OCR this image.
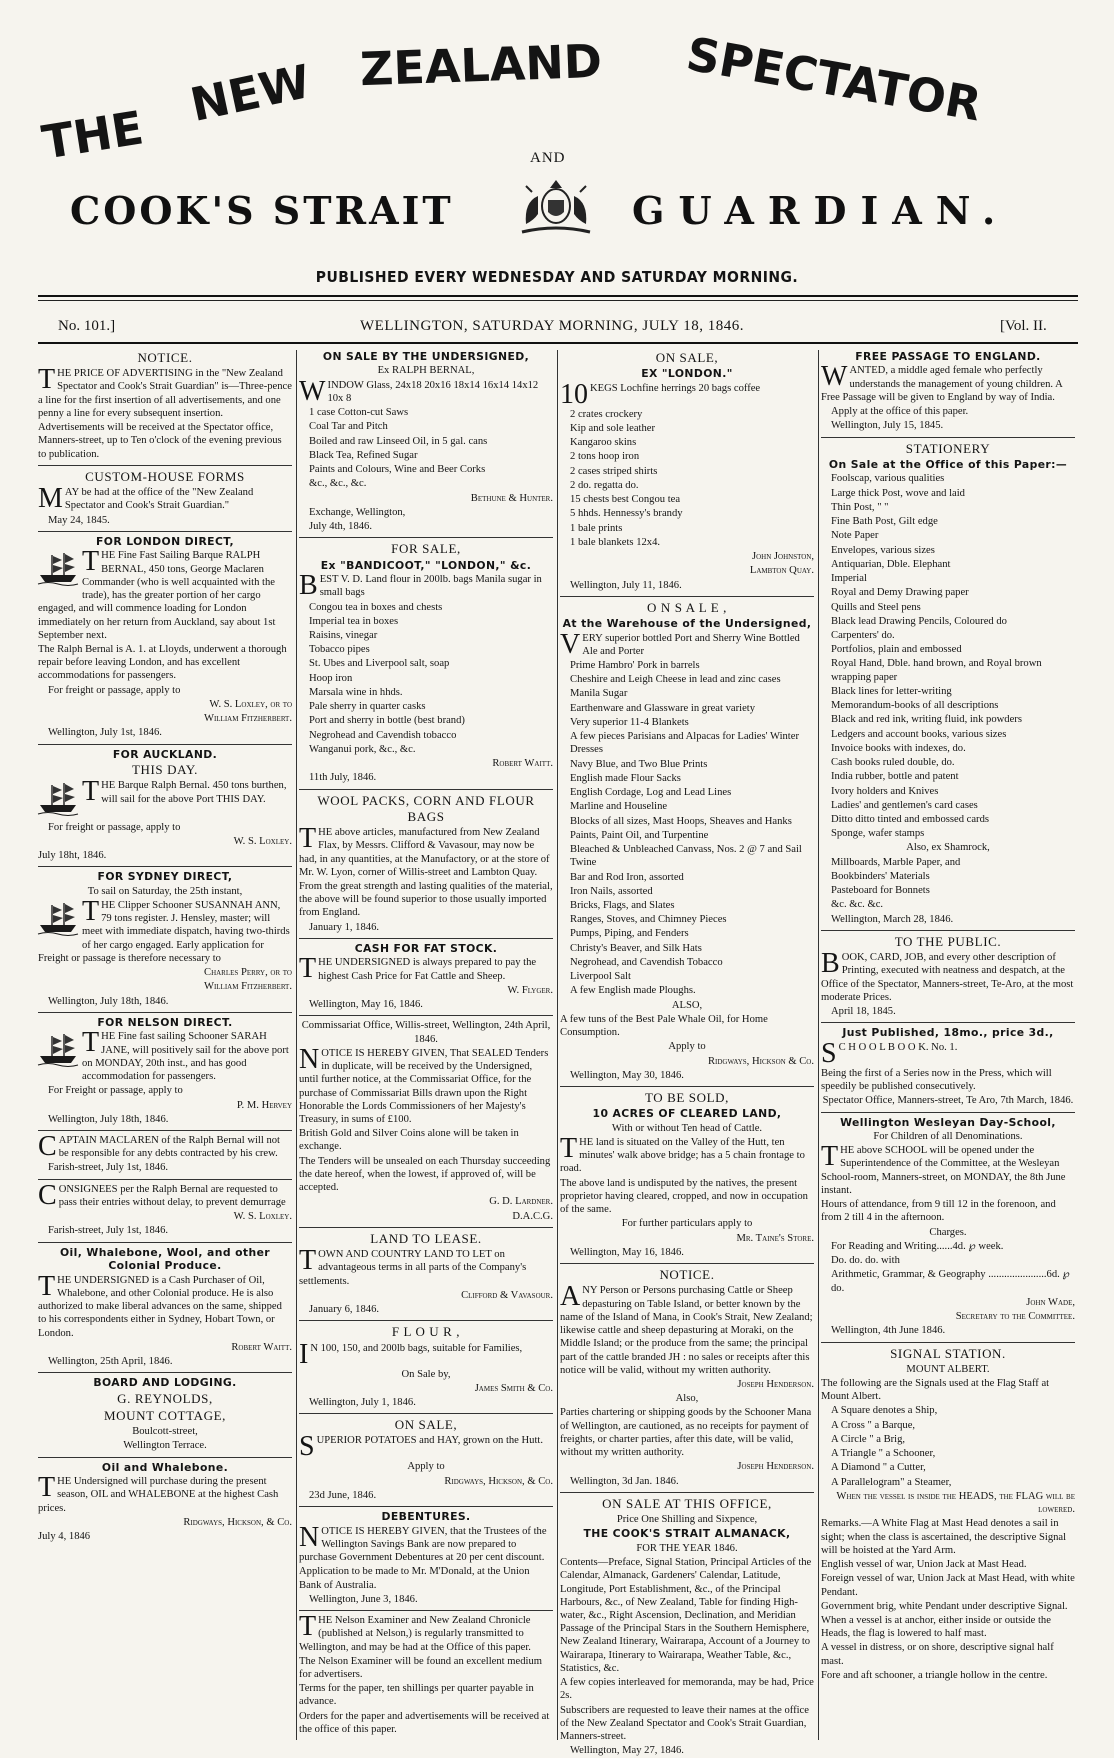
THE
NEW ZEALAND SPECTATOR
AND
COOK'S STRAIT	GUARDIAN.
PUBLISHED EVERY WEDNESDAY AND SATURDAY MORNING.
No. 101.]	WELLINGTON, SATURDAY MORNING, JULY 18, 1846.	[Vol. II.

NOTICE.

THE PRICE OF ADVERTISING in the "New Zealand Spectator and Cook's Strait Guardian" is—Three-pence a line for the first insertion of all advertisements, and one penny a line for every subsequent insertion.

Advertisements will be received at the Spectator office, Manners-street, up to Ten o'clock of the evening previous to publication.

CUSTOM-HOUSE FORMS

MAY be had at the office of the "New Zealand Spectator and Cook's Strait Guardian."

May 24, 1845.

FOR LONDON DIRECT,

THE Fine Fast Sailing Barque RALPH BERNAL, 450 tons, George Maclaren Commander (who is well acquainted with the trade), has the greater portion of her cargo engaged, and will commence loading for London immediately on her return from Auckland, say about 1st September next.

The Ralph Bernal is A. 1. at Lloyds, underwent a thorough repair before leaving London, and has excellent accommodations for passengers.

For freight or passage, apply to

W. S. Loxley, or to

William Fitzherbert.

Wellington, July 1st, 1846.

FOR AUCKLAND.

THIS DAY.

THE Barque Ralph Bernal. 450 tons burthen, will sail for the above Port THIS DAY.

For freight or passage, apply to

W. S. Loxley.

July 18ht, 1846.

FOR SYDNEY DIRECT,

To sail on Saturday, the 25th instant,

THE Clipper Schooner SUSANNAH ANN, 79 tons register. J. Hensley, master; will meet with immediate dispatch, having two-thirds of her cargo engaged. Early application for Freight or passage is therefore necessary to

Charles Perry, or to

William Fitzherbert.

Wellington, July 18th, 1846.

FOR NELSON DIRECT.

THE Fine fast sailing Schooner SARAH JANE, will positively sail for the above port on MONDAY, 20th inst., and has good accommodation for passengers.

For Freight or passage, apply to

P. M. Hervey

Wellington, July 18th, 1846.

CAPTAIN MACLAREN of the Ralph Bernal will not be responsible for any debts contracted by his crew.

Farish-street, July 1st, 1846.

CONSIGNEES per the Ralph Bernal are requested to pass their entries without delay, to prevent demurrage

W. S. Loxley.

Farish-street, July 1st, 1846.

Oil, Whalebone, Wool, and other Colonial Produce.

THE UNDERSIGNED is a Cash Purchaser of Oil, Whalebone, and other Colonial produce. He is also authorized to make liberal advances on the same, shipped to his correspondents either in Sydney, Hobart Town, or London.

Robert Waitt.

Wellington, 25th April, 1846.

BOARD AND LODGING.

G. REYNOLDS,

MOUNT COTTAGE,

Boulcott-street,

Wellington Terrace.

Oil and Whalebone.

THE Undersigned will purchase during the present season, OIL and WHALEBONE at the highest Cash prices.

Ridgways, Hickson, & Co.

July 4, 1846

ON SALE BY THE UNDERSIGNED,

Ex RALPH BERNAL,

WINDOW Glass, 24x18 20x16 18x14 16x14 14x12 10x 8

1 case Cotton-cut Saws

Coal Tar and Pitch

Boiled and raw Linseed Oil, in 5 gal. cans

Black Tea, Refined Sugar

Paints and Colours, Wine and Beer Corks

&c., &c., &c.

Bethune & Hunter.

Exchange, Wellington,

July 4th, 1846.

FOR SALE,

Ex "BANDICOOT," "LONDON," &c.

BEST V. D. Land flour in 200lb. bags Manila sugar in small bags

Congou tea in boxes and chests

Imperial tea in boxes

Raisins, vinegar

Tobacco pipes

St. Ubes and Liverpool salt, soap

Hoop iron

Marsala wine in hhds.

Pale sherry in quarter casks

Port and sherry in bottle (best brand)

Negrohead and Cavendish tobacco

Wanganui pork, &c., &c.

Robert Waitt.

11th July, 1846.

WOOL PACKS, CORN AND FLOUR BAGS

THE above articles, manufactured from New Zealand Flax, by Messrs. Clifford & Vavasour, may now be had, in any quantities, at the Manufactory, or at the store of Mr. W. Lyon, corner of Willis-street and Lambton Quay.

From the great strength and lasting qualities of the material, the above will be found superior to those usually imported from England.

January 1, 1846.

CASH FOR FAT STOCK.

THE UNDERSIGNED is always prepared to pay the highest Cash Price for Fat Cattle and Sheep.

W. Flyger.

Wellington, May 16, 1846.

Commissariat Office, Willis-street, Wellington, 24th April, 1846.

NOTICE IS HEREBY GIVEN, That SEALED Tenders in duplicate, will be received by the Undersigned, until further notice, at the Commissariat Office, for the purchase of Commissariat Bills drawn upon the Right Honorable the Lords Commissioners of her Majesty's Treasury, in sums of £100.

British Gold and Silver Coins alone will be taken in exchange.

The Tenders will be unsealed on each Thursday succeeding the date hereof, when the lowest, if approved of, will be accepted.

G. D. Lardner.

D.A.C.G.

LAND TO LEASE.

TOWN AND COUNTRY LAND TO LET on advantageous terms in all parts of the Company's settlements.

Clifford & Vavasour.

January 6, 1846.

F L O U R ,

I N 100, 150, and 200lb bags, suitable for Families,

On Sale by,

James Smith & Co.

Wellington, July 1, 1846.

ON SALE,

SUPERIOR POTATOES and HAY, grown on the Hutt.

Apply to

Ridgways, Hickson, & Co.

23d June, 1846.

DEBENTURES.

NOTICE IS HEREBY GIVEN, that the Trustees of the Wellington Savings Bank are now prepared to purchase Government Debentures at 20 per cent discount.

Application to be made to Mr. M'Donald, at the Union Bank of Australia.

Wellington, June 3, 1846.

THE Nelson Examiner and New Zealand Chronicle (published at Nelson,) is regularly transmitted to Wellington, and may be had at the Office of this paper.

The Nelson Examiner will be found an excellent medium for advertisers.

Terms for the paper, ten shillings per quarter payable in advance.

Orders for the paper and advertisements will be received at the office of this paper.

ON SALE,

EX "LONDON."

10 KEGS Lochfine herrings 20 bags coffee

2 crates crockery

Kip and sole leather

Kangaroo skins

2 tons hoop iron

2 cases striped shirts

2 do. regatta do.

15 chests best Congou tea

5 hhds. Hennessy's brandy

1 bale prints

1 bale blankets 12x4.

John Johnston,

Lambton Quay.

Wellington, July 11, 1846.

O N S A L E ,

At the Warehouse of the Undersigned,

VERY superior bottled Port and Sherry Wine Bottled Ale and Porter

Prime Hambro' Pork in barrels

Cheshire and Leigh Cheese in lead and zinc cases

Manila Sugar

Earthenware and Glassware in great variety

Very superior 11-4 Blankets

A few pieces Parisians and Alpacas for Ladies' Winter Dresses

Navy Blue, and Two Blue Prints

English made Flour Sacks

English Cordage, Log and Lead Lines

Marline and Houseline

Blocks of all sizes, Mast Hoops, Sheaves and Hanks

Paints, Paint Oil, and Turpentine

Bleached & Unbleached Canvass, Nos. 2 @ 7 and Sail Twine

Bar and Rod Iron, assorted

Iron Nails, assorted

Bricks, Flags, and Slates

Ranges, Stoves, and Chimney Pieces

Pumps, Piping, and Fenders

Christy's Beaver, and Silk Hats

Negrohead, and Cavendish Tobacco

Liverpool Salt

A few English made Ploughs.

ALSO,

A few tuns of the Best Pale Whale Oil, for Home Consumption.

Apply to

Ridgways, Hickson & Co.

Wellington, May 30, 1846.

TO BE SOLD,

10 ACRES OF CLEARED LAND,

With or without Ten head of Cattle.

THE land is situated on the Valley of the Hutt, ten minutes' walk above bridge; has a 5 chain frontage to road.

The above land is undisputed by the natives, the present proprietor having cleared, cropped, and now in occupation of the same.

For further particulars apply to

Mr. Taine's Store.

Wellington, May 16, 1846.

NOTICE.

ANY Person or Persons purchasing Cattle or Sheep depasturing on Table Island, or better known by the name of the Island of Mana, in Cook's Strait, New Zealand; likewise cattle and sheep depasturing at Moraki, on the Middle Island; or the produce from the same; the principal part of the cattle branded JH : no sales or receipts after this notice will be valid, without my written authority.

Joseph Henderson.

Also,

Parties chartering or shipping goods by the Schooner Mana of Wellington, are cautioned, as no receipts for payment of freights, or charter parties, after this date, will be valid, without my written authority.

Joseph Henderson.

Wellington, 3d Jan. 1846.

ON SALE AT THIS OFFICE,

Price One Shilling and Sixpence,

THE COOK'S STRAIT ALMANACK,

FOR THE YEAR 1846.

Contents—Preface, Signal Station, Principal Articles of the Calendar, Almanack, Gardeners' Calendar, Latitude, Longitude, Port Establishment, &c., of the Principal Harbours, &c., of New Zealand, Table for finding High-water, &c., Right Ascension, Declination, and Meridian Passage of the Principal Stars in the Southern Hemisphere, New Zealand Itinerary, Wairarapa, Account of a Journey to Wairarapa, Itinerary to Wairarapa, Weather Table, &c., Statistics, &c.

A few copies interleaved for memoranda, may be had, Price 2s.

Subscribers are requested to leave their names at the office of the New Zealand Spectator and Cook's Strait Guardian, Manners-street.

Wellington, May 27, 1846.

FREE PASSAGE TO ENGLAND.

WANTED, a middle aged female who perfectly understands the management of young children. A Free Passage will be given to England by way of India.

Apply at the office of this paper.

Wellington, July 15, 1845.

STATIONERY

On Sale at the Office of this Paper:—

Foolscap, various qualities

Large thick Post, wove and laid

Thin Post, " "

Fine Bath Post, Gilt edge

Note Paper

Envelopes, various sizes

Antiquarian, Dble. Elephant

Imperial

Royal and Demy Drawing paper

Quills and Steel pens

Black lead Drawing Pencils, Coloured do

Carpenters' do.

Portfolios, plain and embossed

Royal Hand, Dble. hand brown, and Royal brown wrapping paper

Black lines for letter-writing

Memorandum-books of all descriptions

Black and red ink, writing fluid, ink powders

Ledgers and account books, various sizes

Invoice books with indexes, do.

Cash books ruled double, do.

India rubber, bottle and patent

Ivory holders and Knives

Ladies' and gentlemen's card cases

Ditto ditto tinted and embossed cards

Sponge, wafer stamps

Also, ex Shamrock,

Millboards, Marble Paper, and

Bookbinders' Materials

Pasteboard for Bonnets

&c. &c. &c.

Wellington, March 28, 1846.

TO THE PUBLIC.

BOOK, CARD, JOB, and every other description of Printing, executed with neatness and despatch, at the Office of the Spectator, Manners-street, Te-Aro, at the most moderate Prices.

April 18, 1845.

Just Published, 18mo., price 3d.,

S C H O O L B O O K. No. 1.

Being the first of a Series now in the Press, which will speedily be published consecutively.

Spectator Office, Manners-street, Te Aro, 7th March, 1846.

Wellington Wesleyan Day-School,

For Children of all Denominations.

THE above SCHOOL will be opened under the Superintendence of the Committee, at the Wesleyan School-room, Manners-street, on MONDAY, the 8th June instant.

Hours of attendance, from 9 till 12 in the forenoon, and from 2 till 4 in the afternoon.

Charges.

For Reading and Writing......4d. ℘ week.

Do. do. do. with

Arithmetic, Grammar, & Geography ......................6d. ℘ do.

John Wade,

Secretary to the Committee.

Wellington, 4th June 1846.

SIGNAL STATION.

MOUNT ALBERT.

The following are the Signals used at the Flag Staff at Mount Albert.

A Square denotes a Ship,

A Cross " a Barque,

A Circle " a Brig,

A Triangle " a Schooner,

A Diamond " a Cutter,

A Parallelogram" a Steamer,

When the vessel is inside the HEADS, the FLAG will be lowered.

Remarks.—A White Flag at Mast Head denotes a sail in sight; when the class is ascertained, the descriptive Signal will be hoisted at the Yard Arm.

English vessel of war, Union Jack at Mast Head.

Foreign vessel of war, Union Jack at Mast Head, with white Pendant.

Government brig, white Pendant under descriptive Signal.

When a vessel is at anchor, either inside or outside the Heads, the flag is lowered to half mast.

A vessel in distress, or on shore, descriptive signal half mast.

Fore and aft schooner, a triangle hollow in the centre.
